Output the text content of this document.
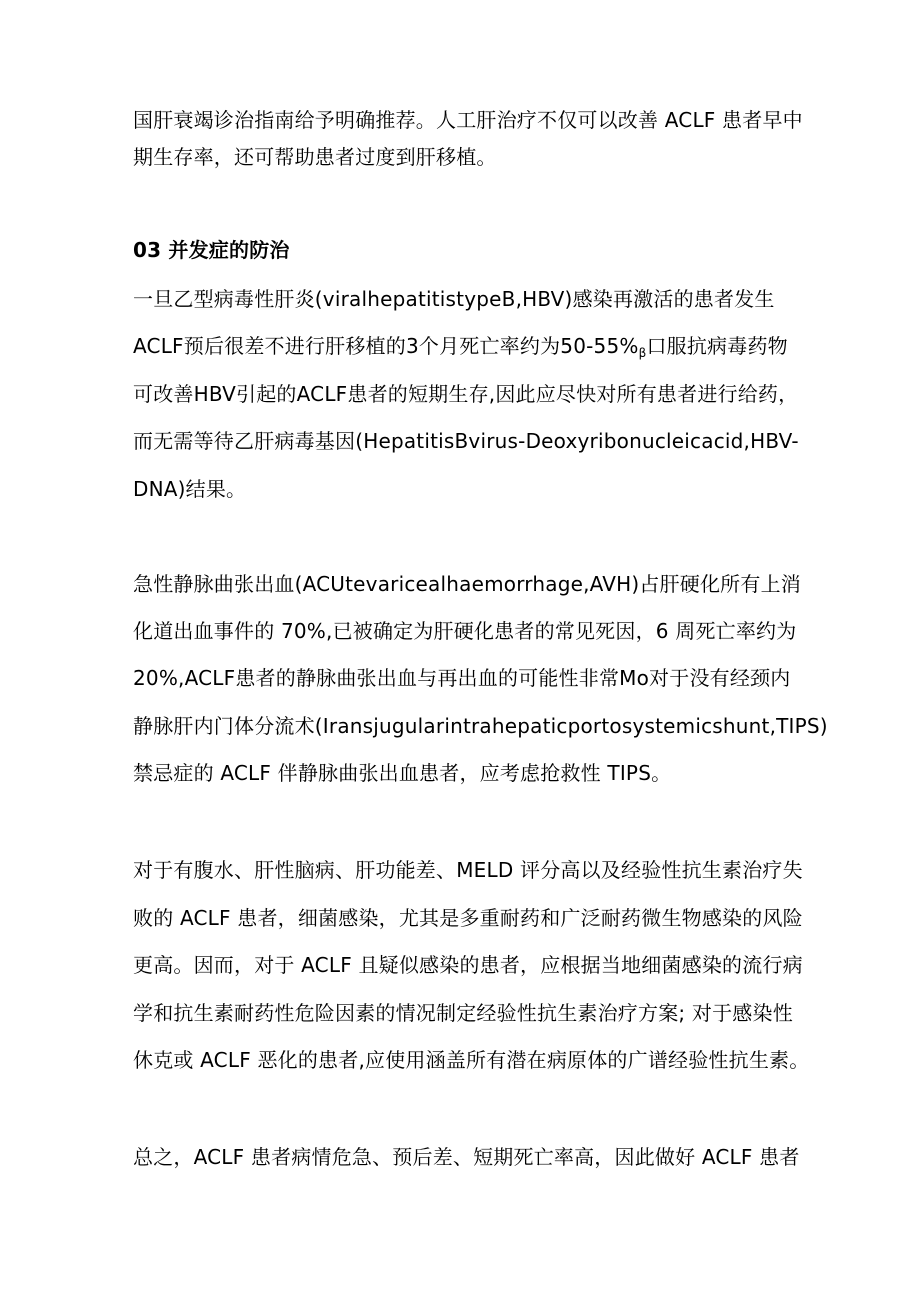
国肝衰竭诊治指南给予明确推荐。人工肝治疗不仅可以改善 ACLF 患者早中
期生存率，还可帮助患者过度到肝移植。
03 并发症的防治
一旦乙型病毒性肝炎(viralhepatitistypeB,HBV)感染再激活的患者发生
ACLF预后很差不进行肝移植的3个月死亡率约为$50-55\%_\beta$口服抗病毒药物
可改善HBV引起的ACLF患者的短期生存,因此应尽快对所有患者进行给药，
而无需等待乙肝病毒基因(HepatitisBvirus-Deoxyribonucleicacid,HBV-
DNA)结果。
急性静脉曲张出血(ACUtevaricealhaemorrhage,AVH)占肝硬化所有上消
化道出血事件的 70%,已被确定为肝硬化患者的常见死因，6 周死亡率约为
20%,ACLF患者的静脉曲张出血与再出血的可能性非常Mo对于没有经颈内
静脉肝内门体分流术(Iransjugularintrahepaticportosystemicshunt,TIPS)
禁忌症的 ACLF 伴静脉曲张出血患者，应考虑抢救性 TIPS。
对于有腹水、肝性脑病、肝功能差、MELD 评分高以及经验性抗生素治疗失
败的 ACLF 患者，细菌感染，尤其是多重耐药和广泛耐药微生物感染的风险
更高。因而，对于 ACLF 且疑似感染的患者，应根据当地细菌感染的流行病
学和抗生素耐药性危险因素的情况制定经验性抗生素治疗方案; 对于感染性
休克或 ACLF 恶化的患者,应使用涵盖所有潜在病原体的广谱经验性抗生素。
总之，ACLF 患者病情危急、预后差、短期死亡率高，因此做好 ACLF 患者
